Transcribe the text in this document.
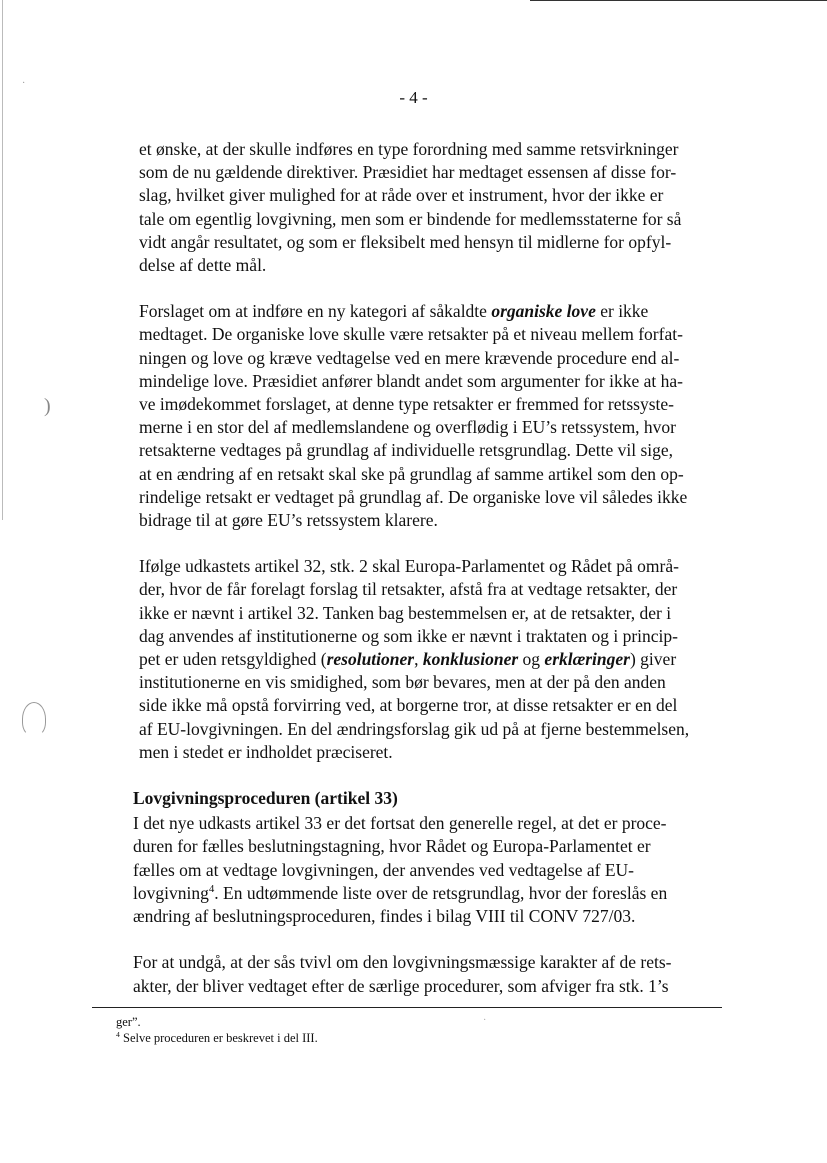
·
)
- 4 -

et ønske, at der skulle indføres en type forordning med samme retsvirkninger

som de nu gældende direktiver. Præsidiet har medtaget essensen af disse for-

slag, hvilket giver mulighed for at råde over et instrument, hvor der ikke er

tale om egentlig lovgivning, men som er bindende for medlemsstaterne for så

vidt angår resultatet, og som er fleksibelt med hensyn til midlerne for opfyl-

delse af dette mål.

Forslaget om at indføre en ny kategori af såkaldte organiske love er ikke

medtaget. De organiske love skulle være retsakter på et niveau mellem forfat-

ningen og love og kræve vedtagelse ved en mere krævende procedure end al-

mindelige love. Præsidiet anfører blandt andet som argumenter for ikke at ha-

ve imødekommet forslaget, at denne type retsakter er fremmed for retssyste-

merne i en stor del af medlemslandene og overflødig i EU’s retssystem, hvor

retsakterne vedtages på grundlag af individuelle retsgrundlag. Dette vil sige,

at en ændring af en retsakt skal ske på grundlag af samme artikel som den op-

rindelige retsakt er vedtaget på grundlag af. De organiske love vil således ikke

bidrage til at gøre EU’s retssystem klarere.

Ifølge udkastets artikel 32, stk. 2 skal Europa-Parlamentet og Rådet på områ-

der, hvor de får forelagt forslag til retsakter, afstå fra at vedtage retsakter, der

ikke er nævnt i artikel 32. Tanken bag bestemmelsen er, at de retsakter, der i

dag anvendes af institutionerne og som ikke er nævnt i traktaten og i princip-

pet er uden retsgyldighed (resolutioner, konklusioner og erklæringer) giver

institutionerne en vis smidighed, som bør bevares, men at der på den anden

side ikke må opstå forvirring ved, at borgerne tror, at disse retsakter er en del

af EU-lovgivningen. En del ændringsforslag gik ud på at fjerne bestemmelsen,

men i stedet er indholdet præciseret.

Lovgivningsproceduren (artikel 33)

I det nye udkasts artikel 33 er det fortsat den generelle regel, at det er proce-

duren for fælles beslutningstagning, hvor Rådet og Europa-Parlamentet er

fælles om at vedtage lovgivningen, der anvendes ved vedtagelse af EU-

lovgivning$^4$. En udtømmende liste over de retsgrundlag, hvor der foreslås en

ændring af beslutningsproceduren, findes i bilag VIII til CONV 727/03.

For at undgå, at der sås tvivl om den lovgivningsmæssige karakter af de rets-

akter, der bliver vedtaget efter de særlige procedurer, som afviger fra stk. 1’s

·
ger”.
$^4$ Selve proceduren er beskrevet i del III.
